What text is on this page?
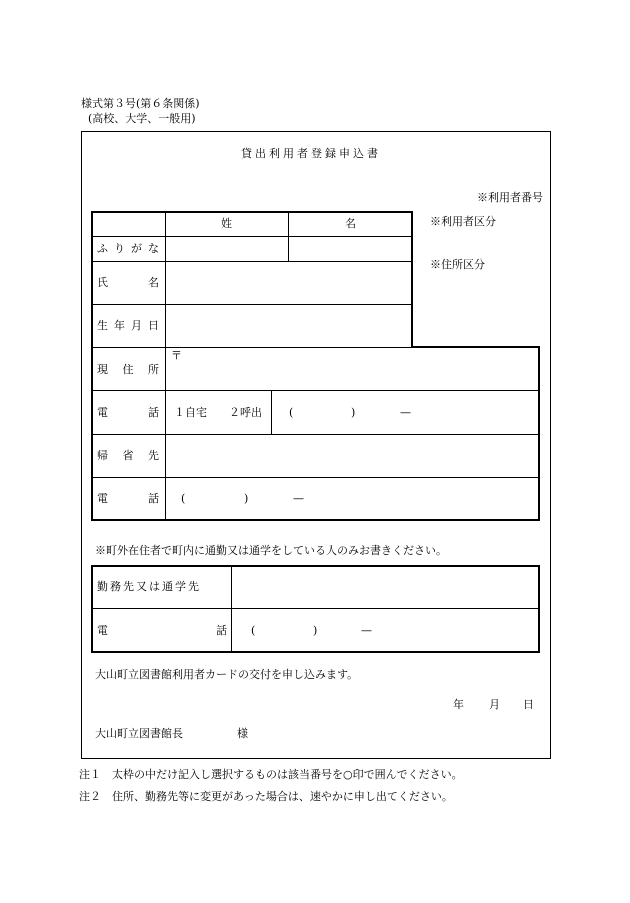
様式第３号(第６条関係)
(高校、大学、一般用)
貸出利用者登録申込書
※利用者番号
※利用者区分
※住所区分
姓	名
ふ り が な
氏	名
生 年 月 日
現 住 所
〒
電	話 １自宅 ２呼出 (	)	—
帰 省 先
電	話 (	)	—
※町外在住者で町内に通勤又は通学をしている人のみお書きください。
勤務先又は通学先
電	話 (	)	—
大山町立図書館利用者カードの交付を申し込みます。
年 月 日
大山町立図書館長	様
注１ 太枠の中だけ記入し選択するものは該当番号を○印で囲んでください。
注２ 住所、勤務先等に変更があった場合は、速やかに申し出てください。
